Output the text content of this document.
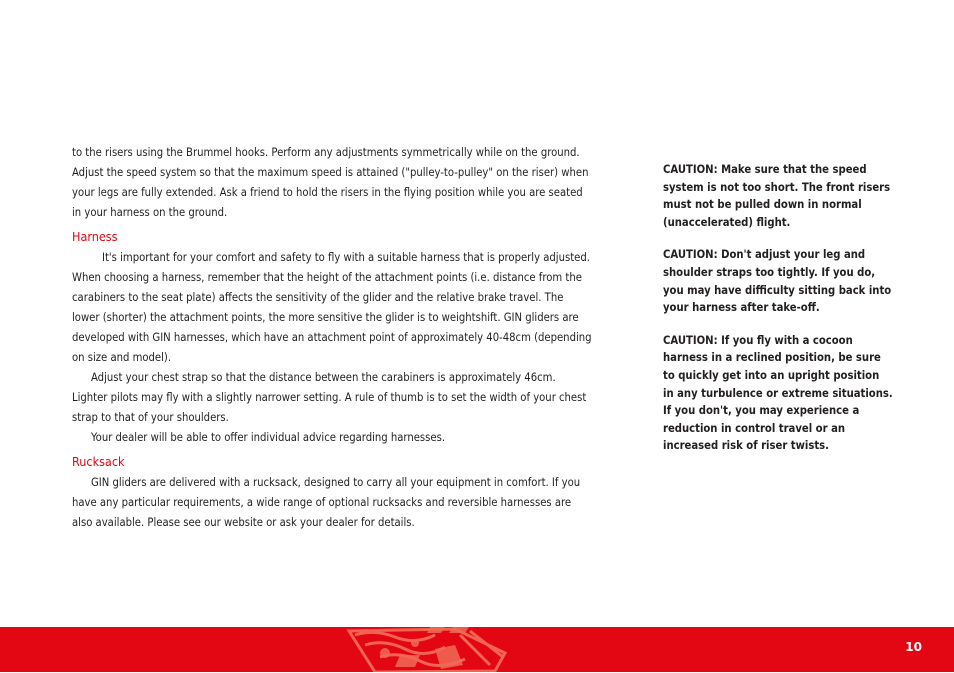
to the risers using the Brummel hooks. Perform any adjustments symmetrically while on the ground. Adjust the speed system so that the maximum speed is attained ("pulley-to-pulley" on the riser) when your legs are fully extended. Ask a friend to hold the risers in the flying position while you are seated in your harness on the ground.

Harness

It's important for your comfort and safety to fly with a suitable harness that is properly adjusted. When choosing a harness, remember that the height of the attachment points (i.e. distance from the carabiners to the seat plate) affects the sensitivity of the glider and the relative brake travel. The lower (shorter) the attachment points, the more sensitive the glider is to weightshift. GIN gliders are developed with GIN harnesses, which have an attachment point of approximately 40-48cm (depending on size and model).

Adjust your chest strap so that the distance between the carabiners is approximately 46cm. Lighter pilots may fly with a slightly narrower setting. A rule of thumb is to set the width of your chest strap to that of your shoulders.

Your dealer will be able to offer individual advice regarding harnesses.

Rucksack

GIN gliders are delivered with a rucksack, designed to carry all your equipment in comfort. If you have any particular requirements, a wide range of optional rucksacks and reversible harnesses are also available. Please see our website or ask your dealer for details.

CAUTION: Make sure that the speed system is not too short. The front risers must not be pulled down in normal (unaccelerated) flight.

CAUTION: Don't adjust your leg and shoulder straps too tightly. If you do, you may have difficulty sitting back into your harness after take-off.

CAUTION: If you fly with a cocoon harness in a reclined position, be sure to quickly get into an upright position in any turbulence or extreme situations. If you don't, you may experience a reduction in control travel or an increased risk of riser twists.

10
